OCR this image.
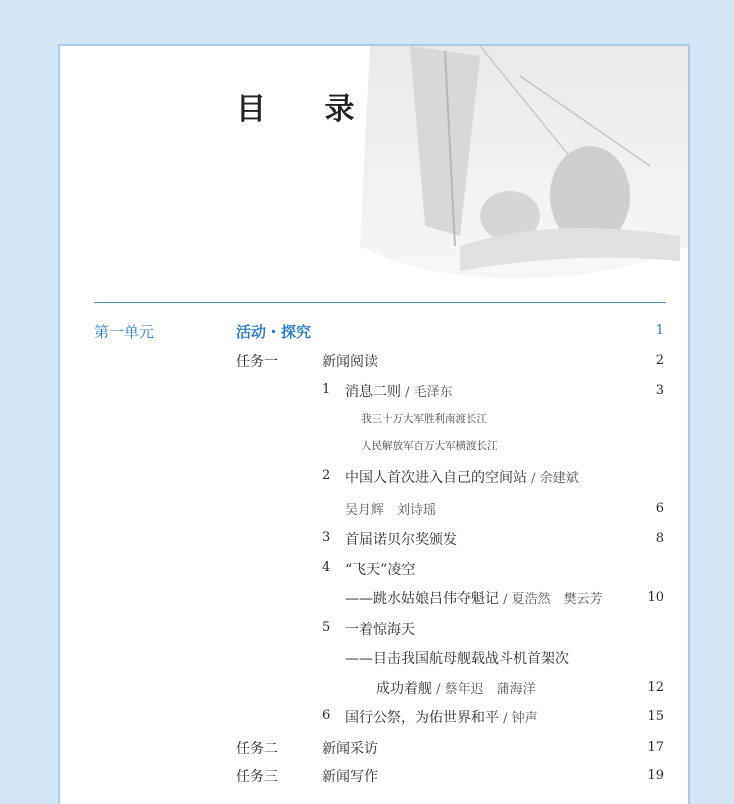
目 录
第一单元	活动・探究	1
任务一	新闻阅读	2
1 消息二则 / 毛泽东	3
我三十万大军胜利南渡长江
人民解放军百万大军横渡长江
2 中国人首次进入自己的空间站 / 余建斌
吴月辉　刘诗瑶	6
3 首届诺贝尔奖颁发	8
4 “飞天”凌空
——跳水姑娘吕伟夺魁记 / 夏浩然　樊云芳	10
5 一着惊海天
——目击我国航母舰载战斗机首架次
成功着舰 / 蔡年迟　蒲海洋	12
6 国行公祭，为佑世界和平 / 钟声	15
任务二	新闻采访	17
任务三	新闻写作	19
